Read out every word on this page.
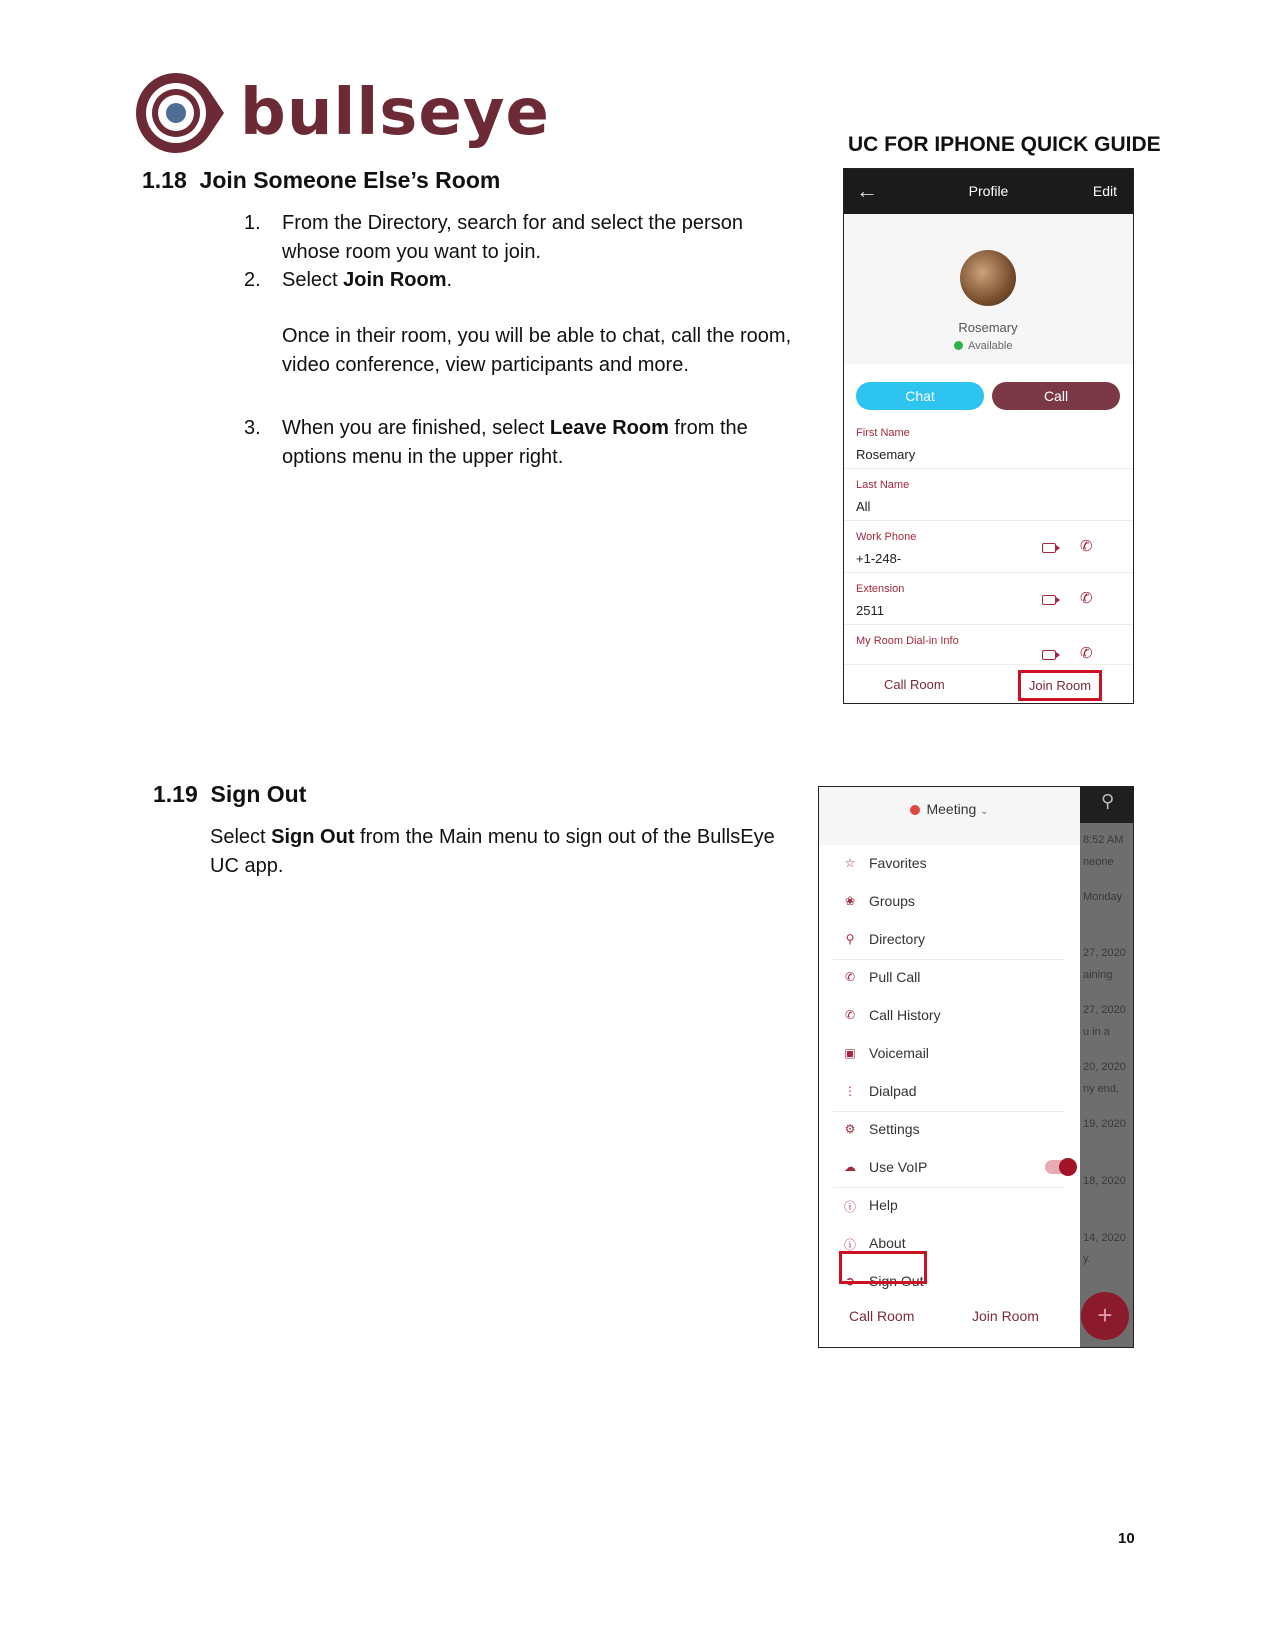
bullseye	UC FOR IPHONE QUICK GUIDE
1.18 Join Someone Else’s Room
1. From the Directory, search for and select the person
whose room you want to join.
2. Select Join Room.
Once in their room, you will be able to chat, call the room,
video conference, view participants and more.
3. When you are finished, select Leave Room from the
options menu in the upper right.
←	Profile	Edit
Rosemary
Available
Chat	Call
First Name
Rosemary
Last Name
All
Work Phone
+1-248-
✆
Extension
2511
✆
My Room Dial-in Info
✆
Call Room	Join Room
1.19 Sign Out
Select Sign Out from the Main menu to sign out of the BullsEye
UC app.
⚲
8:52 AM
neone
Monday
27, 2020
aining
27, 2020
u in a
20, 2020
ny end,
19, 2020
18, 2020
14, 2020
y.
+
Meeting ⌄
☆ Favorites
❀ Groups
⚲ Directory
✆ Pull Call
✆ Call History
▣ Voicemail
⋮ Dialpad
⚙ Settings
☁ Use VoIP
ⓘ Help
ⓘ About
➲ Sign Out
Call Room	Join Room
10
